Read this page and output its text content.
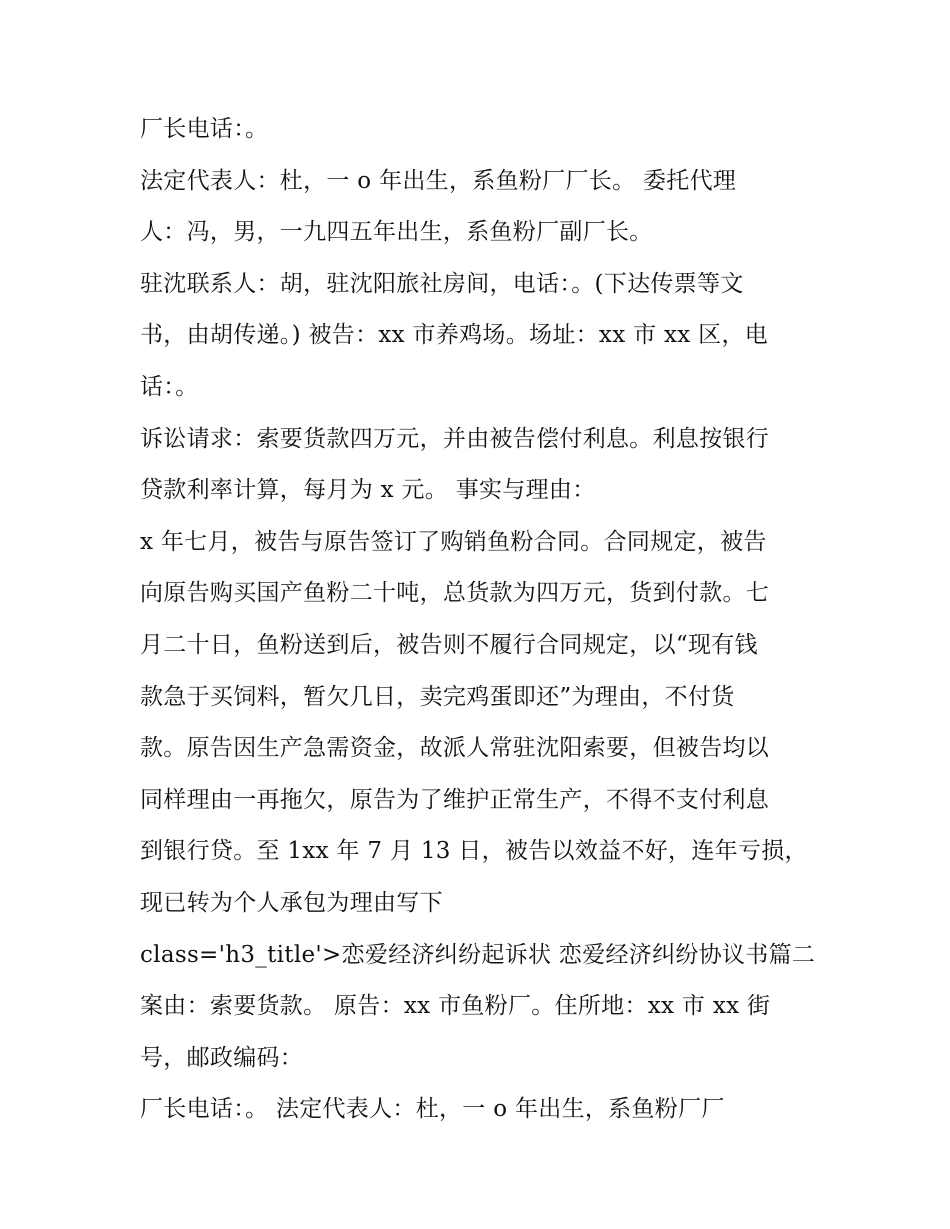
厂长电话：。
法定代表人：杜，一 o 年出生，系鱼粉厂厂长。 委托代理
人：冯，男，一九四五年出生，系鱼粉厂副厂长。
驻沈联系人：胡，驻沈阳旅社房间，电话：。(下达传票等文
书，由胡传递。) 被告：xx 市养鸡场。场址：xx 市 xx 区，电
话：。
诉讼请求：索要货款四万元，并由被告偿付利息。利息按银行
贷款利率计算，每月为 x 元。 事实与理由：
x 年七月，被告与原告签订了购销鱼粉合同。合同规定，被告
向原告购买国产鱼粉二十吨，总货款为四万元，货到付款。七
月二十日，鱼粉送到后，被告则不履行合同规定，以“现有钱
款急于买饲料，暂欠几日，卖完鸡蛋即还”为理由，不付货
款。原告因生产急需资金，故派人常驻沈阳索要，但被告均以
同样理由一再拖欠，原告为了维护正常生产，不得不支付利息
到银行贷。至 1xx 年 7 月 13 日，被告以效益不好，连年亏损，
现已转为个人承包为理由写下
class='h3_title'>恋爱经济纠纷起诉状 恋爱经济纠纷协议书篇二
案由：索要货款。 原告：xx 市鱼粉厂。住所地：xx 市 xx 街
号，邮政编码：
厂长电话：。 法定代表人：杜，一 o 年出生，系鱼粉厂厂
